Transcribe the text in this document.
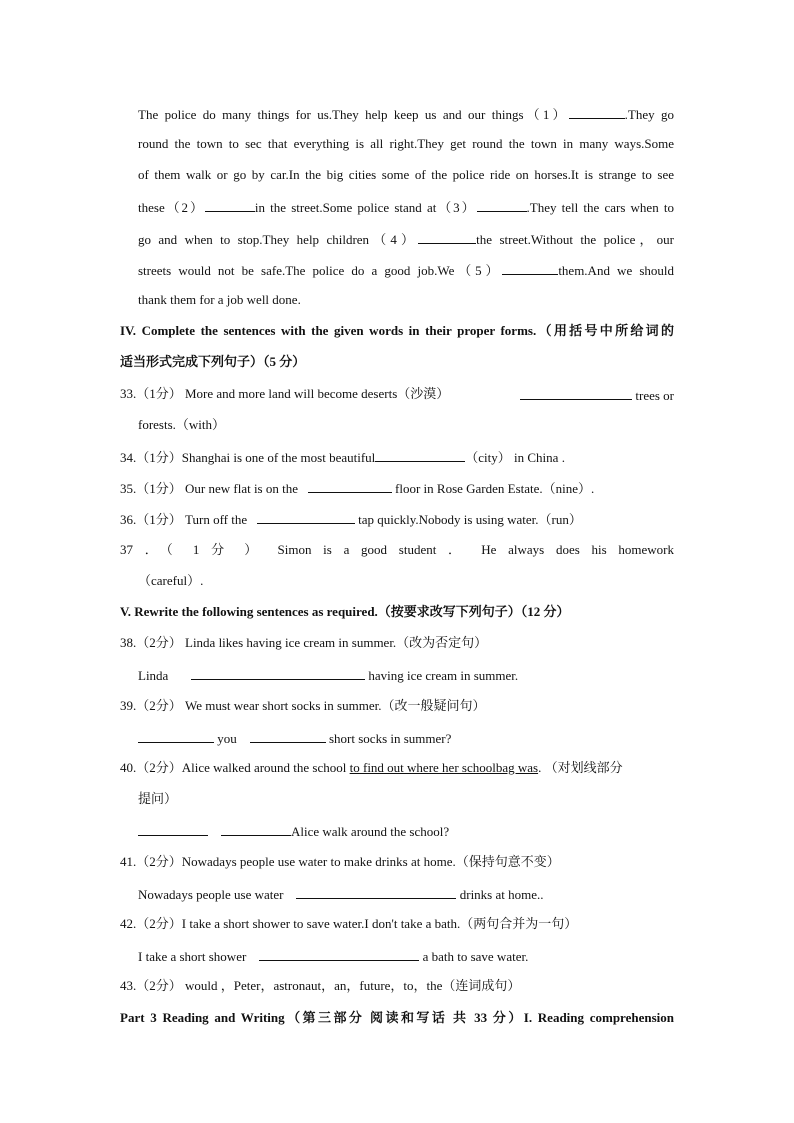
The police do many things for us.They help keep us and our things（1）	.They go
round the town to sec that everything is all right.They get round the town in many ways.Some
of them walk or go by car.In the big cities some of the police ride on horses.It is strange to see
these（2）	in the street.Some police stand at（3）	.They tell the cars when to
go and when to stop.They help children（4）	the street.Without the police，our
streets would not be safe.The police do a good job.We（5）	them.And we should
thank them for a job well done.
IV. Complete the sentences with the given words in their proper forms.（用括号中所给词的
适当形式完成下列句子）（5 分）
33.（1分） More and more land will become deserts（沙漠）	trees or
forests.（with）
34.（1分）Shanghai is one of the most beautiful	（city） in China .
35.（1分） Our new flat is on the	floor in Rose Garden Estate.（nine）.
36.（1分） Turn off the	tap quickly.Nobody is using water.（run）
37 ．（ 1 分 ） Simon is a good student ． He always does his homework
（careful）.
V. Rewrite the following sentences as required.（按要求改写下列句子）（12 分）
38.（2分） Linda likes having ice cream in summer.（改为否定句）
Linda	having ice cream in summer.
39.（2分） We must wear short socks in summer.（改一般疑问句）
you	short socks in summer?
40.（2分）Alice walked around the school to find out where her schoolbag was. （对划线部分
提问）
Alice walk around the school?
41.（2分）Nowadays people use water to make drinks at home.（保持句意不变）
Nowadays people use water	drinks at home..
42.（2分）I take a short shower to save water.I don't take a bath.（两句合并为一句）
I take a short shower	a bath to save water.
43.（2分） would ，Peter，astronaut，an，future，to，the（连词成句）
Part 3 Reading and Writing（第三部分 阅读和写话 共 33 分）I. Reading comprehension
